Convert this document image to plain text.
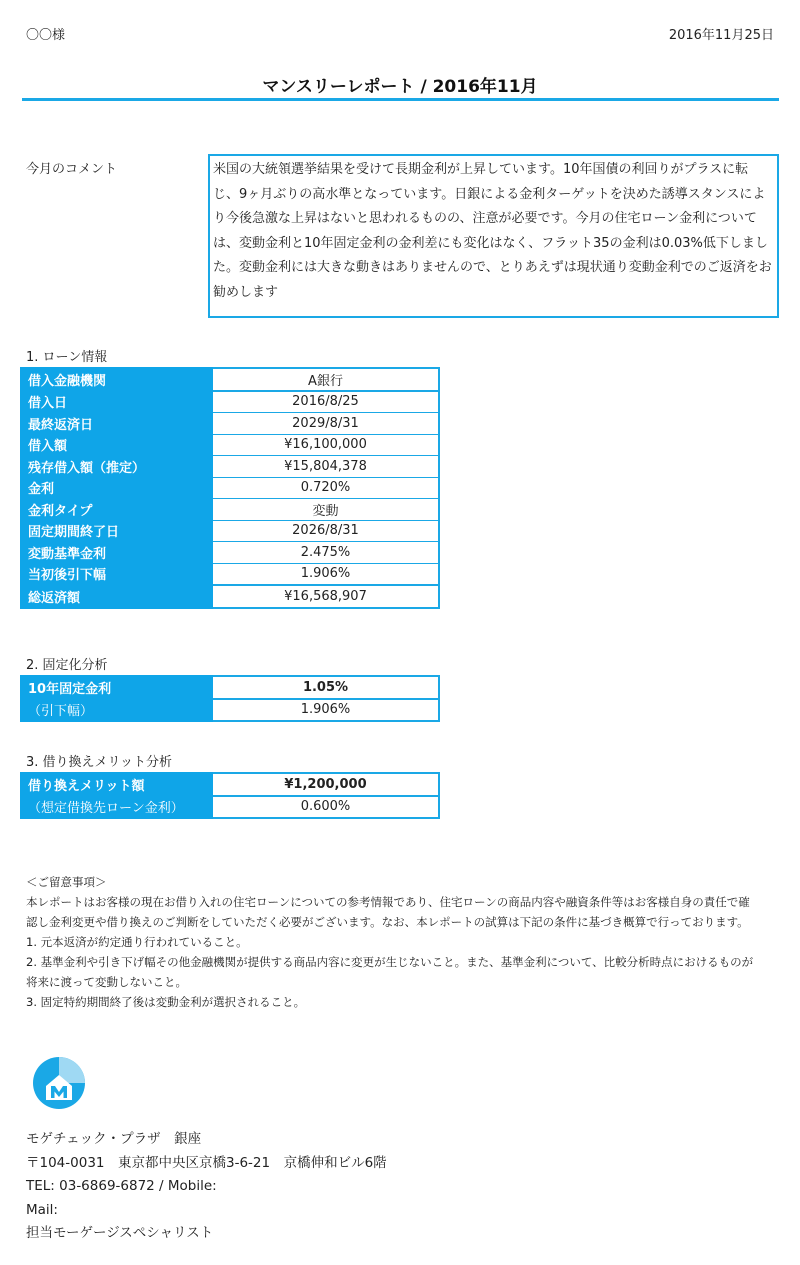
〇〇様	2016年11月25日
マンスリーレポート / 2016年11月
今月のコメント	米国の大統領選挙結果を受けて長期金利が上昇しています。10年国債の利回りがプラスに転じ、9ヶ月ぶりの高水準となっています。日銀による金利ターゲットを決めた誘導スタンスにより今後急激な上昇はないと思われるものの、注意が必要です。今月の住宅ローン金利については、変動金利と10年固定金利の金利差にも変化はなく、フラット35の金利は0.03%低下しました。変動金利には大きな動きはありませんので、とりあえずは現状通り変動金利でのご返済をお勧めします
1. ローン情報
借入金融機関	A銀行
借入日	2016/8/25
最終返済日	2029/8/31
借入額	¥16,100,000
残存借入額（推定）	¥15,804,378
金利	0.720%
金利タイプ	変動
固定期間終了日	2026/8/31
変動基準金利	2.475%
当初後引下幅	1.906%
総返済額	¥16,568,907
2. 固定化分析
10年固定金利	1.05%
（引下幅）	1.906%
3. 借り換えメリット分析
借り換えメリット額	¥1,200,000
（想定借換先ローン金利）	0.600%
＜ご留意事項＞
本レポートはお客様の現在お借り入れの住宅ローンについての参考情報であり、住宅ローンの商品内容や融資条件等はお客様自身の責任で確
認し金利変更や借り換えのご判断をしていただく必要がございます。なお、本レポートの試算は下記の条件に基づき概算で行っております。
1. 元本返済が約定通り行われていること。
2. 基準金利や引き下げ幅その他金融機関が提供する商品内容に変更が生じないこと。また、基準金利について、比較分析時点におけるものが
将来に渡って変動しないこと。
3. 固定特約期間終了後は変動金利が選択されること。
モゲチェック・プラザ　銀座
〒104-0031　東京都中央区京橋3-6-21　京橋伸和ビル6階
TEL: 03-6869-6872 / Mobile:
Mail:
担当モーゲージスペシャリスト
